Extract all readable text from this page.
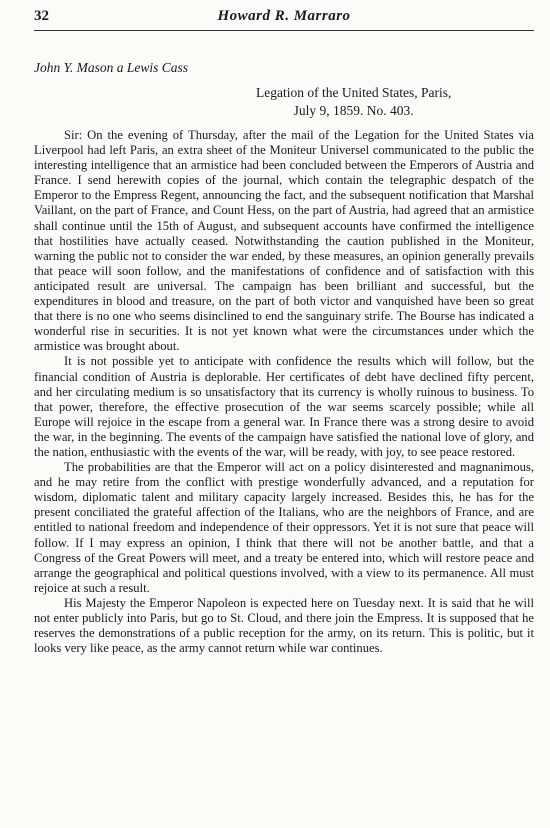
32	Howard R. Marraro
John Y. Mason a Lewis Cass
Legation of the United States, Paris,
July 9, 1859. No. 403.

Sir: On the evening of Thursday, after the mail of the Legation for the United States via Liverpool had left Paris, an extra sheet of the Moniteur Universel communicated to the public the interesting intelligence that an armistice had been concluded between the Emperors of Austria and France. I send herewith copies of the journal, which contain the telegraphic despatch of the Emperor to the Empress Regent, announcing the fact, and the subsequent notification that Marshal Vaillant, on the part of France, and Count Hess, on the part of Austria, had agreed that an armistice shall continue until the 15th of August, and subsequent accounts have confirmed the intelligence that hostilities have actually ceased. Notwithstanding the caution published in the Moniteur, warning the public not to consider the war ended, by these measures, an opinion generally prevails that peace will soon follow, and the manifestations of confidence and of satisfaction with this anticipated result are universal. The campaign has been brilliant and successful, but the expenditures in blood and treasure, on the part of both victor and vanquished have been so great that there is no one who seems disinclined to end the sanguinary strife. The Bourse has indicated a wonderful rise in securities. It is not yet known what were the circumstances under which the armistice was brought about.

It is not possible yet to anticipate with confidence the results which will follow, but the financial condition of Austria is deplorable. Her certificates of debt have declined fifty percent, and her circulating medium is so unsatisfactory that its currency is wholly ruinous to business. To that power, therefore, the effective prosecution of the war seems scarcely possible; while all Europe will rejoice in the escape from a general war. In France there was a strong desire to avoid the war, in the beginning. The events of the campaign have satisfied the national love of glory, and the nation, enthusiastic with the events of the war, will be ready, with joy, to see peace restored.

The probabilities are that the Emperor will act on a policy disinterested and magnanimous, and he may retire from the conflict with prestige wonderfully advanced, and a reputation for wisdom, diplomatic talent and military capacity largely increased. Besides this, he has for the present conciliated the grateful affection of the Italians, who are the neighbors of France, and are entitled to national freedom and independence of their oppressors. Yet it is not sure that peace will follow. If I may express an opinion, I think that there will not be another battle, and that a Congress of the Great Powers will meet, and a treaty be entered into, which will restore peace and arrange the geographical and political questions involved, with a view to its permanence. All must rejoice at such a result.

His Majesty the Emperor Napoleon is expected here on Tuesday next. It is said that he will not enter publicly into Paris, but go to St. Cloud, and there join the Empress. It is supposed that he reserves the demonstrations of a public reception for the army, on its return. This is politic, but it looks very like peace, as the army cannot return while war continues.
